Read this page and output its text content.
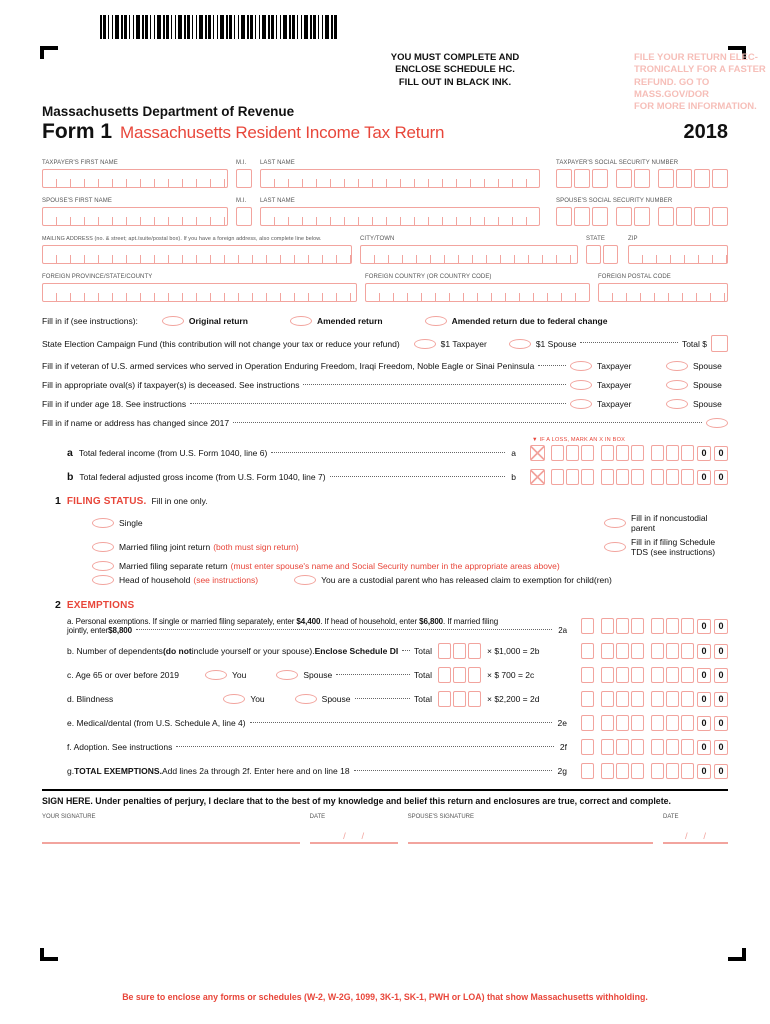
YOU MUST COMPLETE AND
ENCLOSE SCHEDULE HC.
FILL OUT IN BLACK INK.
FILE YOUR RETURN ELEC-
TRONICALLY FOR A FASTER
REFUND. GO TO MASS.GOV/DOR
FOR MORE INFORMATION.
Massachusetts Department of Revenue
Form 1 Massachusetts Resident Income Tax Return	2018
TAXPAYER'S FIRST NAME	M.I.	LAST NAME	TAXPAYER'S SOCIAL SECURITY NUMBER
SPOUSE'S FIRST NAME	M.I.	LAST NAME	SPOUSE'S SOCIAL SECURITY NUMBER
MAILING ADDRESS (no. & street; apt./suite/postal box). If you have a foreign address, also complete line below.	CITY/TOWN	STATE	ZIP
FOREIGN PROVINCE/STATE/COUNTY	FOREIGN COUNTRY (OR COUNTRY CODE)	FOREIGN POSTAL CODE
Fill in if (see instructions):	Original return	Amended return	Amended return due to federal change
State Election Campaign Fund (this contribution will not change your tax or reduce your refund)	$1 Taxpayer	$1 Spouse	Total $
Fill in if veteran of U.S. armed services who served in Operation Enduring Freedom, Iraqi Freedom, Noble Eagle or Sinai Peninsula	Taxpayer	Spouse
Fill in appropriate oval(s) if taxpayer(s) is deceased. See instructions	Taxpayer	Spouse
Fill in if under age 18. See instructions	Taxpayer	Spouse
Fill in if name or address has changed since 2017
▼ IF A LOSS, MARK AN X IN BOX
a Total federal income (from U.S. Form 1040, line 6)	a	0	0
b Total federal adjusted gross income (from U.S. Form 1040, line 7)	b	0	0
1 FILING STATUS. Fill in one only.
Single	Fill in if noncustodial parent
Married filing joint return (both must sign return)	Fill in if filing Schedule TDS (see instructions)
Married filing separate return (must enter spouse's name and Social Security number in the appropriate areas above)
Head of household (see instructions)	You are a custodial parent who has released claim to exemption for child(ren)
2 EXEMPTIONS
a. Personal exemptions. If single or married filing separately, enter $4,400. If head of household, enter $6,800. If married filing
jointly, enter $8,800	2a	0	0
b. Number of dependents (do not include yourself or your spouse). Enclose Schedule DI Total	× $1,000 = 2b	0	0
c. Age 65 or over before 2019	You	Spouse	Total	× $ 700 = 2c	0	0
d. Blindness	You	Spouse	Total	× $2,200 = 2d	0	0
e. Medical/dental (from U.S. Schedule A, line 4)	2e	0	0
f. Adoption. See instructions	2f	0	0
g. TOTAL EXEMPTIONS. Add lines 2a through 2f. Enter here and on line 18	2g	0	0
SIGN HERE. Under penalties of perjury, I declare that to the best of my knowledge and belief this return and enclosures are true, correct and complete.
YOUR SIGNATURE	DATE	SPOUSE'S SIGNATURE	DATE
/      /	/      /
Be sure to enclose any forms or schedules (W-2, W-2G, 1099, 3K-1, SK-1, PWH or LOA) that show Massachusetts withholding.
